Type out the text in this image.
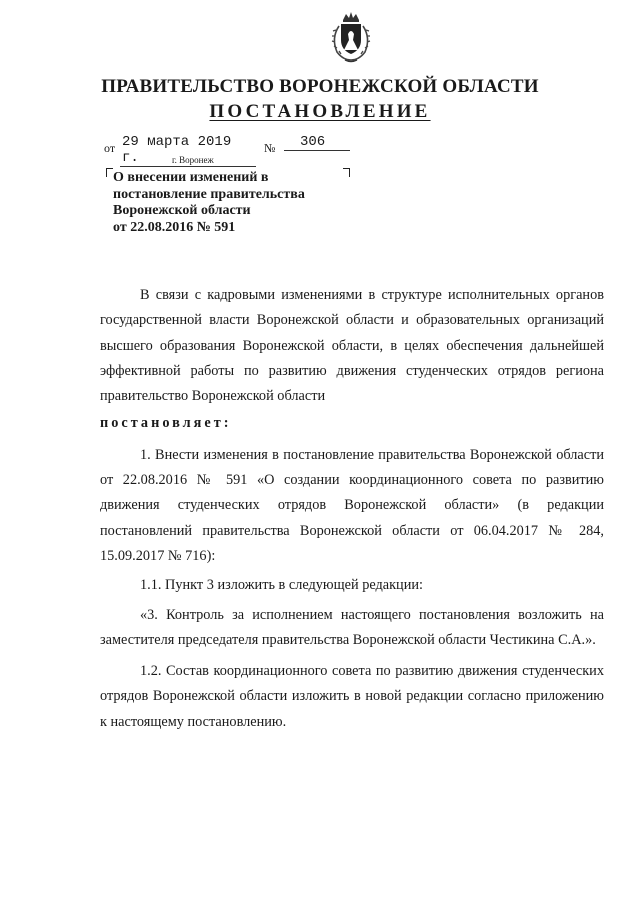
ПРАВИТЕЛЬСТВО ВОРОНЕЖСКОЙ ОБЛАСТИ
ПОСТАНОВЛЕНИЕ
от 29 марта 2019 г.
№	306
г. Воронеж
О внесении изменений в
постановление правительства
Воронежской области
от 22.08.2016 № 591

В связи с кадровыми изменениями в структуре исполнительных органов государственной власти Воронежской области и образовательных организаций высшего образования Воронежской области, в целях обеспечения дальнейшей эффективной работы по развитию движения студенческих отрядов региона правительство Воронежской области

постановляет:

1. Внести изменения в постановление правительства Воронежской области от 22.08.2016 № 591 «О создании координационного совета по развитию движения студенческих отрядов Воронежской области» (в редакции постановлений правительства Воронежской области от 06.04.2017 № 284, 15.09.2017 № 716):

1.1. Пункт 3 изложить в следующей редакции:

«3. Контроль за исполнением настоящего постановления возложить на заместителя председателя правительства Воронежской области Честикина С.А.».

1.2. Состав координационного совета по развитию движения студенческих отрядов Воронежской области изложить в новой редакции согласно приложению к настоящему постановлению.
